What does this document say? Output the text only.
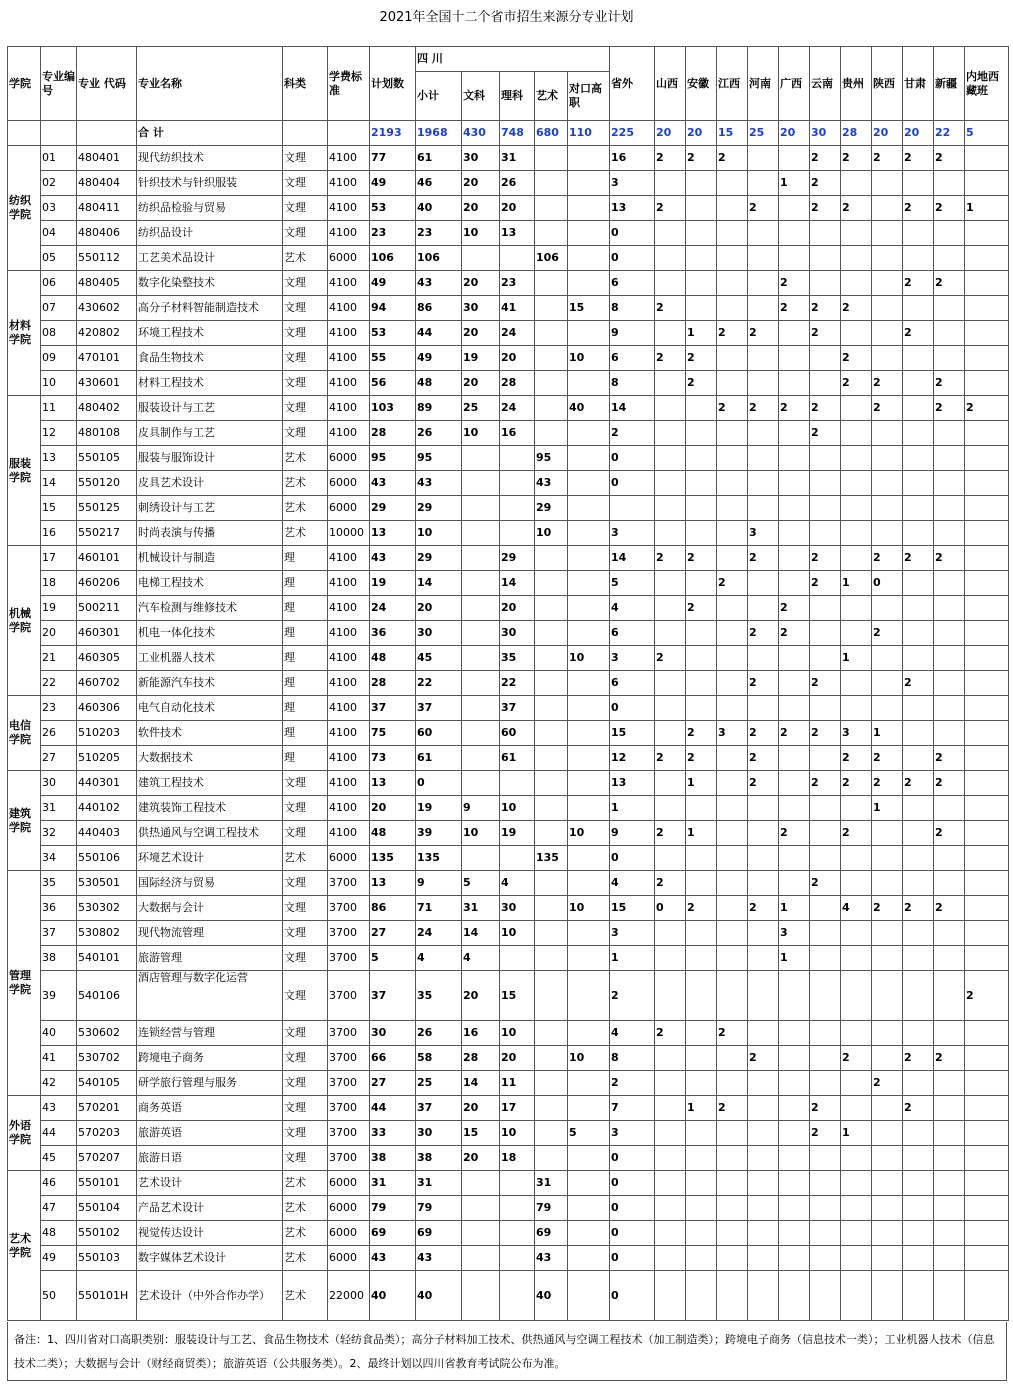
2021年全国十二个省市招生来源分专业计划
学院	专业编号	专业 代码	专业名称	科类	学费标准	计划数	四 川					省外	山西	安徽	江西	河南	广西	云南	贵州	陕西	甘肃	新疆	内地西藏班
							小计	文科	理科	艺术	对口高职												
			合 计			2193	1968	430	748	680	110	225	20	20	15	25	20	30	28	20	20	22	5
纺织学院	01	480401	现代纺织技术	文理	4100	77	61	30	31			16	2	2	2			2	2	2	2	2	
	02	480404	针织技术与针织服装	文理	4100	49	46	20	26			3					1	2					
	03	480411	纺织品检验与贸易	文理	4100	53	40	20	20			13	2			2		2	2		2	2	1
	04	480406	纺织品设计	文理	4100	23	23	10	13			0											
	05	550112	工艺美术品设计	艺术	6000	106	106			106		0											
材料学院	06	480405	数字化染整技术	文理	4100	49	43	20	23			6					2				2	2	
	07	430602	高分子材料智能制造技术	文理	4100	94	86	30	41		15	8	2				2	2	2				
	08	420802	环境工程技术	文理	4100	53	44	20	24			9		1	2	2		2			2		
	09	470101	食品生物技术	文理	4100	55	49	19	20		10	6	2	2					2				
	10	430601	材料工程技术	文理	4100	56	48	20	28			8		2					2	2		2	
服装学院	11	480402	服装设计与工艺	文理	4100	103	89	25	24		40	14			2	2	2	2		2		2	2
	12	480108	皮具制作与工艺	文理	4100	28	26	10	16			2						2					
	13	550105	服装与服饰设计	艺术	6000	95	95			95		0											
	14	550120	皮具艺术设计	艺术	6000	43	43			43		0											
	15	550125	刺绣设计与工艺	艺术	6000	29	29			29													
	16	550217	时尚表演与传播	艺术	10000	13	10			10		3				3							
机械学院	17	460101	机械设计与制造	理	4100	43	29		29			14	2	2		2		2		2	2	2	
	18	460206	电梯工程技术	理	4100	19	14		14			5			2			2	1	0			
	19	500211	汽车检测与维修技术	理	4100	24	20		20			4		2			2						
	20	460301	机电一体化技术	理	4100	36	30		30			6				2	2			2			
	21	460305	工业机器人技术	理	4100	48	45		35		10	3	2						1				
	22	460702	新能源汽车技术	理	4100	28	22		22			6				2		2			2		
电信学院	23	460306	电气自动化技术	理	4100	37	37		37			0											
	26	510203	软件技术	理	4100	75	60		60			15		2	3	2	2	2	3	1			
	27	510205	大数据技术	理	4100	73	61		61			12	2	2		2			2	2		2	
建筑学院	30	440301	建筑工程技术	文理	4100	13	0					13		1		2		2	2	2	2	2	
	31	440102	建筑装饰工程技术	文理	4100	20	19	9	10			1								1			
	32	440403	供热通风与空调工程技术	文理	4100	48	39	10	19		10	9	2	1			2		2			2	
	34	550106	环境艺术设计	艺术	6000	135	135			135		0											
管理学院	35	530501	国际经济与贸易	文理	3700	13	9	5	4			4	2					2					
	36	530302	大数据与会计	文理	3700	86	71	31	30		10	15	0	2		2	1		4	2	2	2	
	37	530802	现代物流管理	文理	3700	27	24	14	10			3					3						
	38	540101	旅游管理	文理	3700	5	4	4				1					1						
	39	540106	酒店管理与数字化运营	文理	3700	37	35	20	15			2											2
	40	530602	连锁经营与管理	文理	3700	30	26	16	10			4	2		2								
	41	530702	跨境电子商务	文理	3700	66	58	28	20		10	8				2			2		2	2	
	42	540105	研学旅行管理与服务	文理	3700	27	25	14	11			2								2			
外语学院	43	570201	商务英语	文理	3700	44	37	20	17			7		1	2			2			2		
	44	570203	旅游英语	文理	3700	33	30	15	10		5	3						2	1				
	45	570207	旅游日语	文理	3700	38	38	20	18			0											
艺术学院	46	550101	艺术设计	艺术	6000	31	31			31		0											
	47	550104	产品艺术设计	艺术	6000	79	79			79		0											
	48	550102	视觉传达设计	艺术	6000	69	69			69		0											
	49	550103	数字媒体艺术设计	艺术	6000	43	43			43		0											
	50	550101H	艺术设计（中外合作办学）	艺术	22000	40	40			40		0											
备注：1、四川省对口高职类别：服装设计与工艺、食品生物技术（轻纺食品类）；高分子材料加工技术、供热通风与空调工程技术（加工制造类）；跨境电子商务（信息技术一类）；工业机器人技术（信息技术二类）；大数据与会计（财经商贸类）；旅游英语（公共服务类）。2、最终计划以四川省教育考试院公布为准。
